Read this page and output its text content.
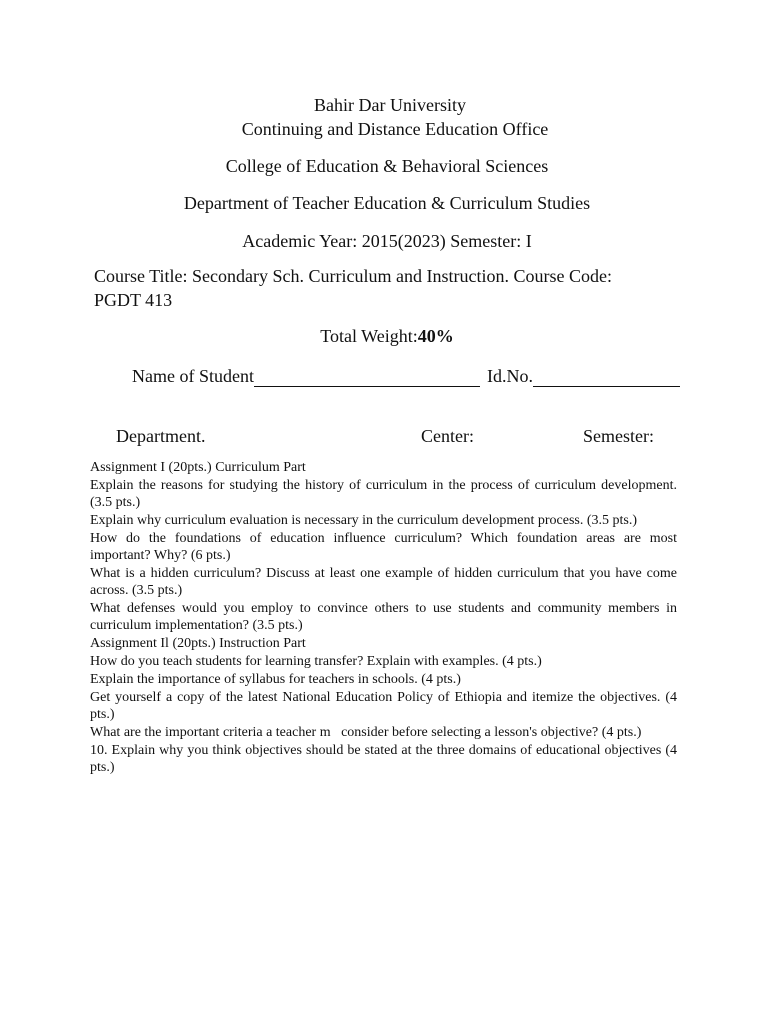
Bahir Dar University
Continuing and Distance Education Office
College of Education & Behavioral Sciences
Department of Teacher Education & Curriculum Studies
Academic Year: 2015(2023) Semester: I
Course Title: Secondary Sch. Curriculum and Instruction. Course Code: PGDT 413
Total Weight:40%
Name of Student	Id.No.
Department.	Center:	Semester:

Assignment I (20pts.) Curriculum Part

Explain the reasons for studying the history of curriculum in the process of curriculum development. (3.5 pts.)

Explain why curriculum evaluation is necessary in the curriculum development process. (3.5 pts.)

How do the foundations of education influence curriculum? Which foundation areas are most important? Why? (6 pts.)

What is a hidden curriculum? Discuss at least one example of hidden curriculum that you have come across. (3.5 pts.)

What defenses would you employ to convince others to use students and community members in curriculum implementation? (3.5 pts.)

Assignment Il (20pts.) Instruction Part

How do you teach students for learning transfer? Explain with examples. (4 pts.)

Explain the importance of syllabus for teachers in schools. (4 pts.)

Get yourself a copy of the latest National Education Policy of Ethiopia and itemize the objectives. (4 pts.)

What are the important criteria a teacher m   consider before selecting a lesson's objective? (4 pts.)

10. Explain why you think objectives should be stated at the three domains of educational objectives (4 pts.)
